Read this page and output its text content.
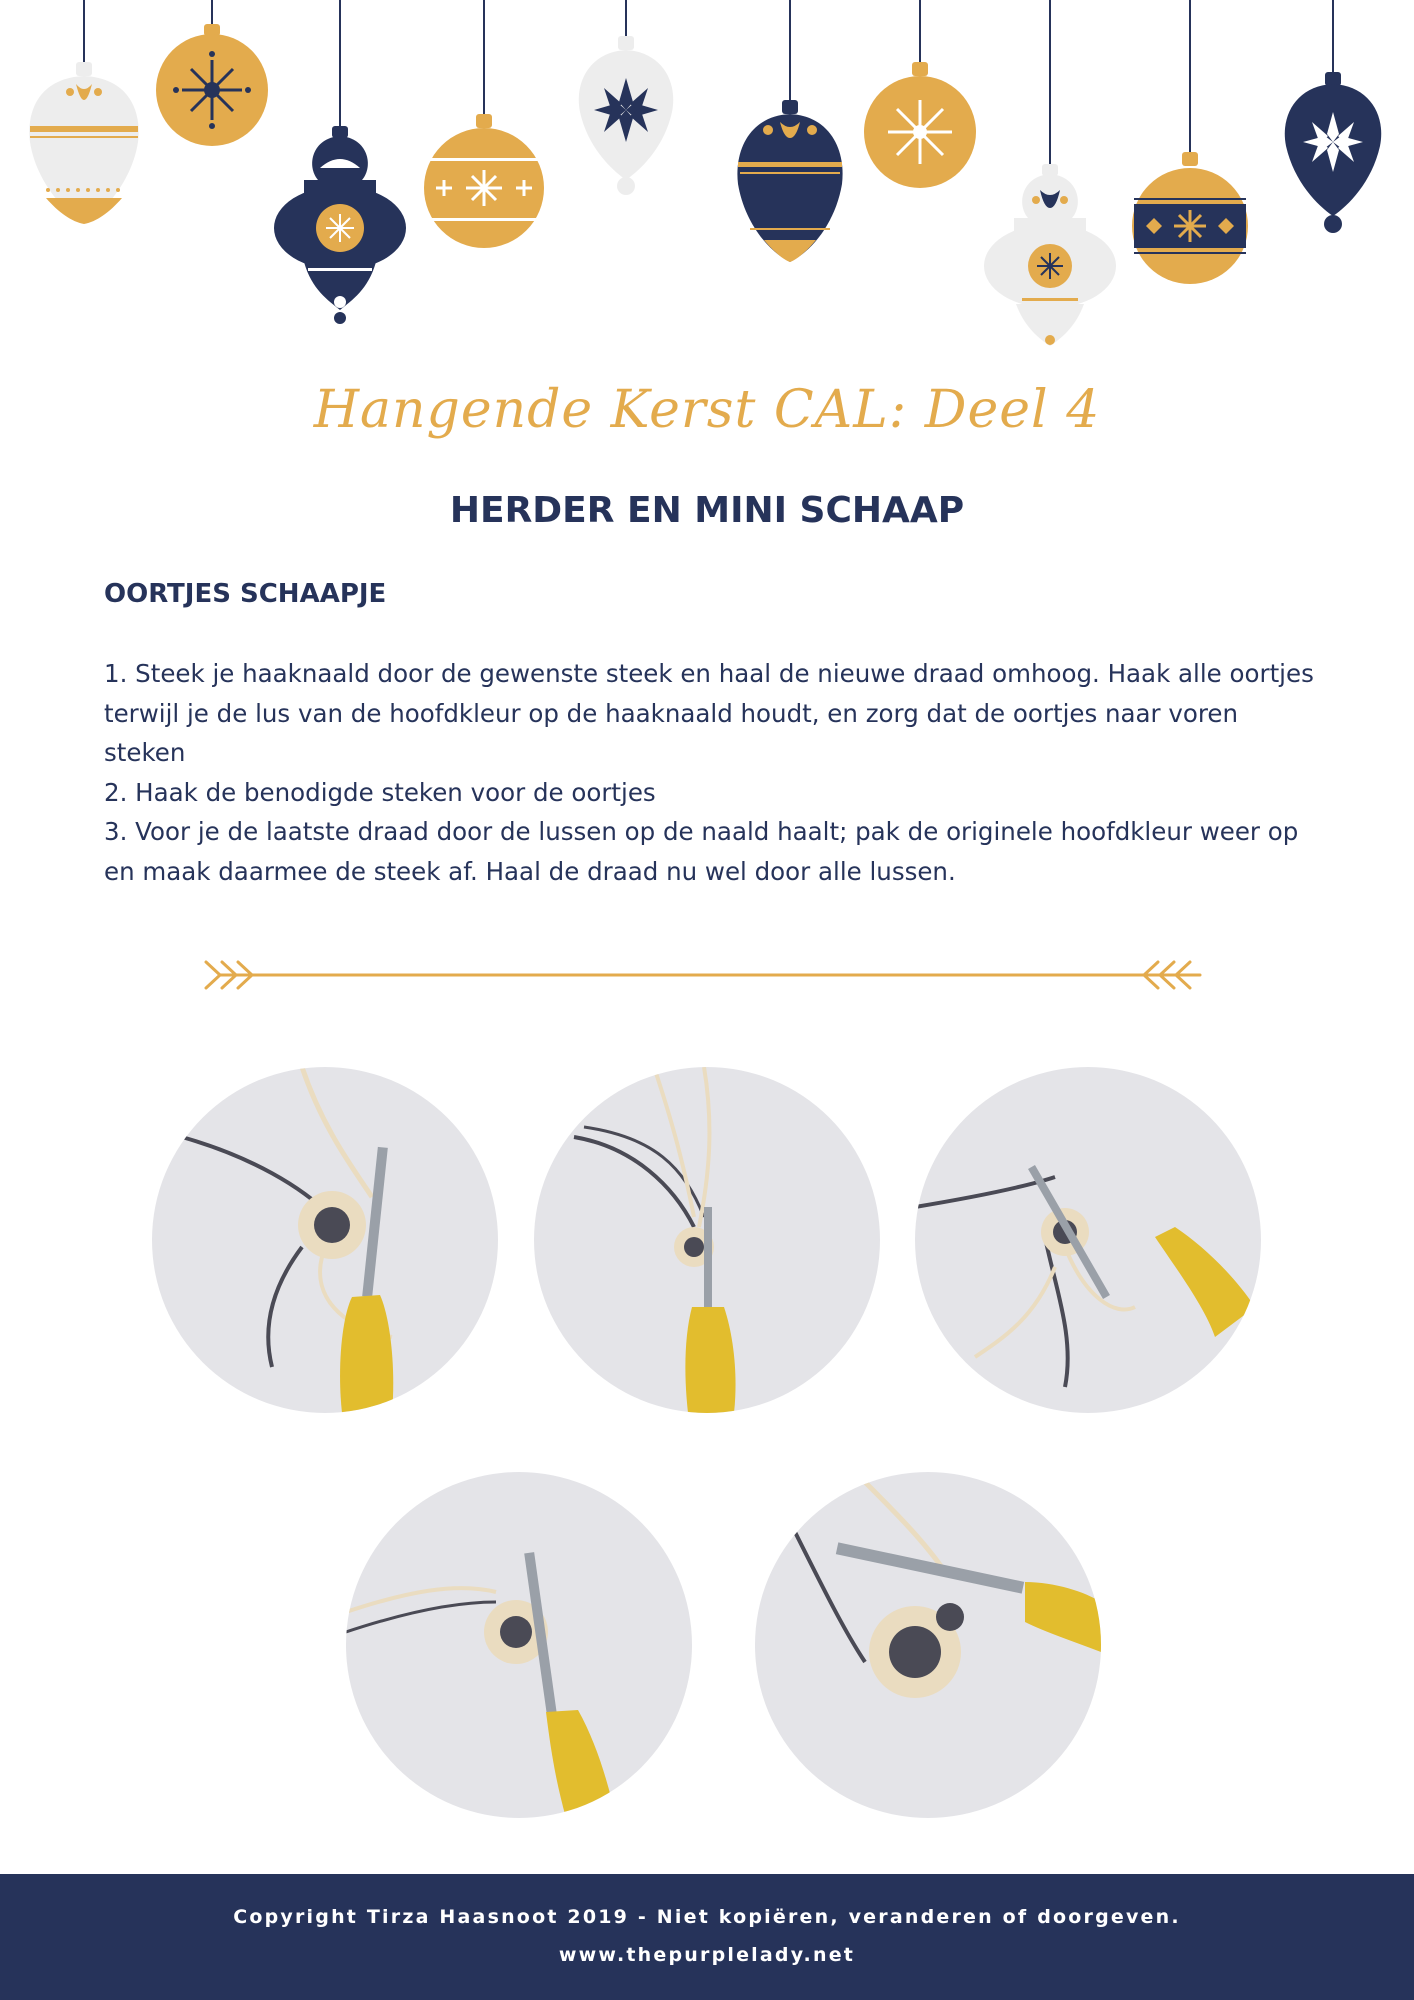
Hangende Kerst CAL: Deel 4
HERDER EN MINI SCHAAP
OORTJES SCHAAPJE

1. Steek je haaknaald door de gewenste steek en haal de nieuwe draad omhoog. Haak alle oortjes terwijl je de lus van de hoofdkleur op de haaknaald houdt, en zorg dat de oortjes naar voren steken

2. Haak de benodigde steken voor de oortjes

3. Voor je de laatste draad door de lussen op de naald haalt; pak de originele hoofdkleur weer op en maak daarmee de steek af. Haal de draad nu wel door alle lussen.

Copyright Tirza Haasnoot 2019 - Niet kopiëren, veranderen of doorgeven.
www.thepurplelady.net
